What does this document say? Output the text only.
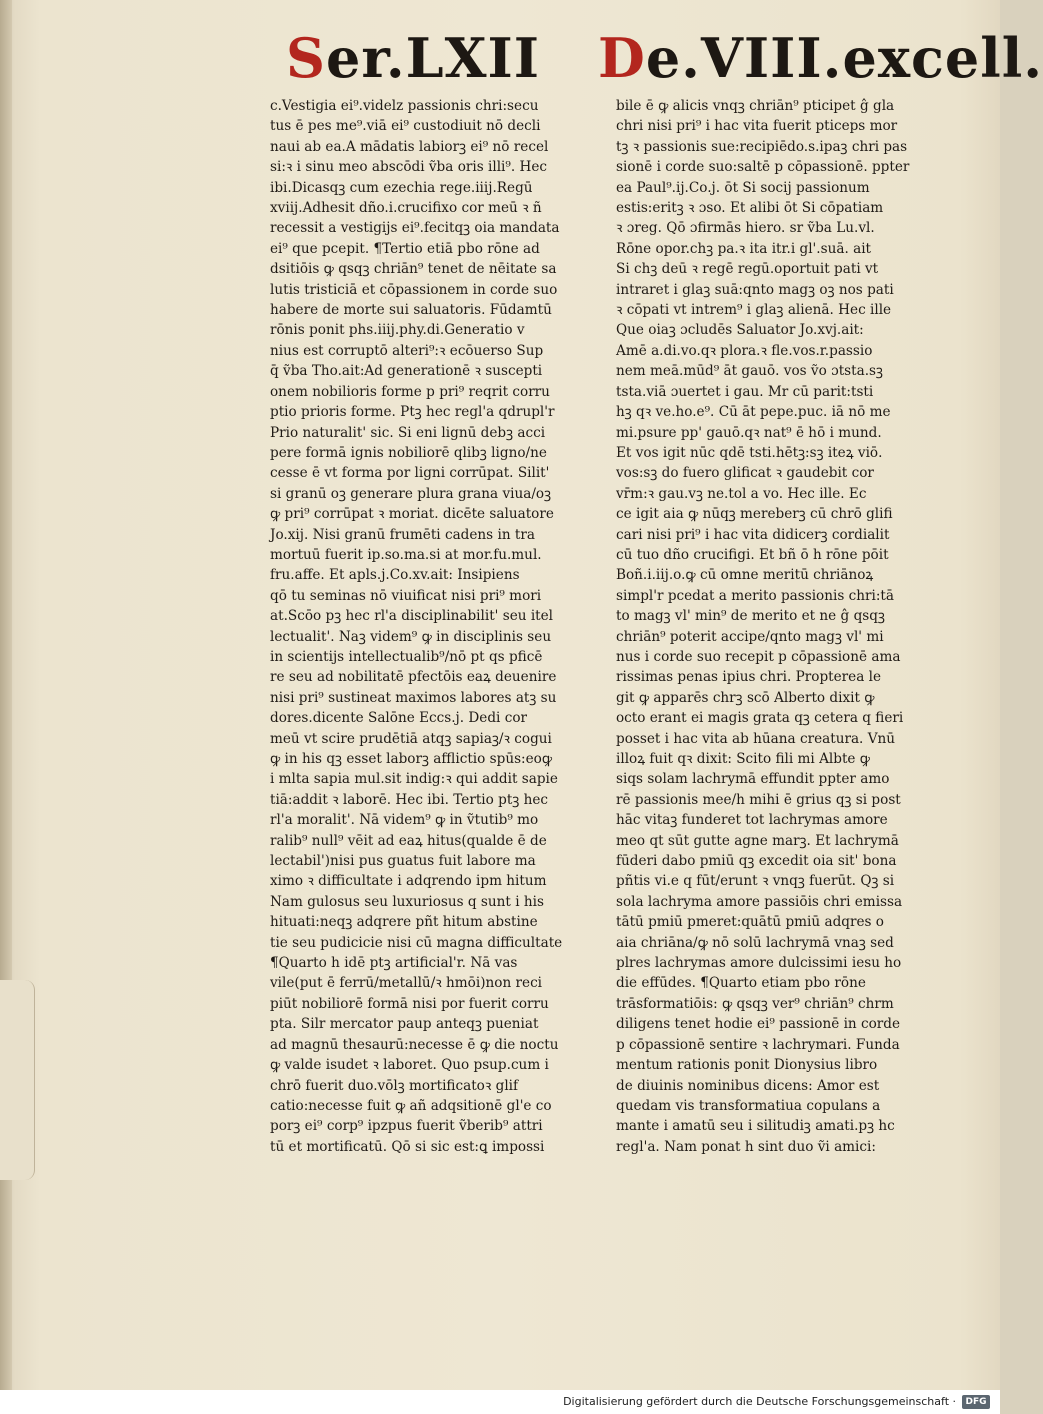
Ser.LXII De.VIII.excell.
c.Vestigia ei⁹.videlz passionis chri:secu
tus ē pes me⁹.viā ei⁹ custodiuit nō decli
naui ab ea.A mādatis labiorꝫ ei⁹ nō recel
si:ꝛ i sinu meo abscōdi ṽba oris illi⁹. Hec
ibi.Dicasqꝫ cum ezechia rege.iiij.Regū
xviij.Adhesit dño.i.crucifixo cor meū ꝛ ñ
recessit a vestigijs ei⁹.fecitqꝫ oia mandata
ei⁹ que pcepit. ¶Tertio etiā pbo rōne ad
dsitiōis ꝙ qsqꝫ chriān⁹ tenet de nēitate sa
lutis tristiciā et cōpassionem in corde suo
habere de morte sui saluatoris. Fūdamtū
rōnis ponit phs.iiij.phy.di.Generatio v
nius est corruptō alteri⁹:ꝛ ecōuerso Sup
q̄ ṽba Tho.ait:Ad generationē ꝛ suscepti
onem nobilioris forme p pri⁹ reqrit corru
ptio prioris forme. Ptꝫ hec regl'a qdrupl'r
Prio naturalit' sic. Si eni lignū debꝫ acci
pere formā ignis nobiliorē qlibꝫ ligno/ne
cesse ē vt forma por ligni corrūpat. Silit'
si granū oꝫ generare plura grana viua/oꝫ
ꝙ pri⁹ corrūpat ꝛ moriat. dicēte saluatore
Jo.xij. Nisi granū frumēti cadens in tra
mortuū fuerit ip.so.ma.si at mor.fu.mul.
fru.affe. Et apls.j.Co.xv.ait: Insipiens
qō tu seminas nō viuificat nisi pri⁹ mori
at.Scōo pꝫ hec rl'a disciplinabilit' seu itel
lectualit'. Naꝫ videm⁹ ꝙ in disciplinis seu
in scientijs intellectualib⁹/nō pt qs pficē
re seu ad nobilitatē pfectōis eaꝝ deuenire
nisi pri⁹ sustineat maximos labores atꝫ su
dores.dicente Salōne Eccs.j. Dedi cor
meū vt scire prudētiā atqꝫ sapiaꝫ/ꝛ cogui
ꝙ in his qꝫ esset laborꝫ afflictio spūs:eoꝙ
i mlta sapia mul.sit indig:ꝛ qui addit sapie
tiā:addit ꝛ laborē. Hec ibi. Tertio ptꝫ hec
rl'a moralit'. Nā videm⁹ ꝙ in ṽtutib⁹ mo
ralib⁹ null⁹ vēit ad eaꝝ hitus(qualde ē de
lectabil')nisi pus guatus fuit labore ma
ximo ꝛ difficultate i adqrendo ipm hitum
Nam gulosus seu luxuriosus q sunt i his
hituati:neqꝫ adqrere pñt hitum abstine
tie seu pudicicie nisi cū magna difficultate
¶Quarto h idē ptꝫ artificial'r. Nā vas
vile(put ē ferrū/metallū/ꝛ hmōi)non reci
piūt nobiliorē formā nisi por fuerit corru
pta. Silr mercator paup anteqꝫ pueniat
ad magnū thesaurū:necesse ē ꝙ die noctu
ꝙ valde isudet ꝛ laboret. Quo psup.cum i
chrō fuerit duo.vōlꝫ mortificatoꝛ glif
catio:necesse fuit ꝙ añ adqsitionē gl'e co
porꝫ ei⁹ corp⁹ ipzpus fuerit ṽberib⁹ attri
tū et mortificatū. Qō si sic est:ꝗ impossi
bile ē ꝙ alicis vnqꝫ chriān⁹ pticipet ĝ gla
chri nisi pri⁹ i hac vita fuerit pticeps mor
tꝫ ꝛ passionis sue:recipiēdo.s.ipaꝫ chri pas
sionē i corde suo:saltē p cōpassionē. ppter
ea Paul⁹.ij.Co.j. ōt Si socij passionum
estis:eritꝫ ꝛ ɔso. Et alibi ōt Si cōpatiam
ꝛ ɔreg. Qō ɔfirmās hiero. sr ṽba Lu.vl.
Rōne opor.chꝫ pa.ꝛ ita itr.i gl'.suā. ait
Si chꝫ deū ꝛ regē regū.oportuit pati vt
intraret i glaꝫ suā:qnto magꝫ oꝫ nos pati
ꝛ cōpati vt intrem⁹ i glaꝫ alienā. Hec ille
Que oiaꝫ ɔcludēs Saluator Jo.xvj.ait:
Amē a.di.vo.qꝛ plora.ꝛ fle.vos.r.passio
nem meā.mūd⁹ āt gauō. vos ṽo ɔtsta.sꝫ
tsta.viā ɔuertet i gau. Mr cū parit:tsti
hꝫ qꝛ ve.ho.e⁹. Cū āt pepe.puc. iā nō me
mi.psure pp' gauō.qꝛ nat⁹ ē hō i mund.
Et vos igit nūc qdē tsti.hētꝫ:sꝫ iteꝝ viō.
vos:sꝫ do fuero glificat ꝛ gaudebit cor
vr̄m:ꝛ gau.vꝫ ne.tol a vo. Hec ille. Ec
ce igit aia ꝙ nūqꝫ mereberꝫ cū chrō glifi
cari nisi pri⁹ i hac vita didicerꝫ cordialit
cū tuo dño crucifigi. Et bñ ō h rōne pōit
Boñ.i.iij.o.ꝙ cū omne meritū chriānoꝝ
simpl'r pcedat a merito passionis chri:tā
to magꝫ vl' min⁹ de merito et ne ĝ qsqꝫ
chriān⁹ poterit accipe/qnto magꝫ vl' mi
nus i corde suo recepit p cōpassionē ama
rissimas penas ipius chri. Propterea le
git ꝙ apparēs chrꝫ scō Alberto dixit ꝙ
octo erant ei magis grata qꝫ cetera q fieri
posset i hac vita ab hūana creatura. Vnū
illoꝝ fuit qꝛ dixit: Scito fili mi Albte ꝙ
siqs solam lachrymā effundit ppter amo
rē passionis mee/h mihi ē grius qꝫ si post
hāc vitaꝫ funderet tot lachrymas amore
meo qt sūt gutte agne marꝫ. Et lachrymā
fūderi dabo pmiū qꝫ excedit oia sit' bona
pñtis vi.e q fūt/erunt ꝛ vnqꝫ fuerūt. Qꝫ si
sola lachryma amore passiōis chri emissa
tātū pmiū pmeret:quātū pmiū adqres o
aia chriāna/ꝙ nō solū lachrymā vnaꝫ sed
plres lachrymas amore dulcissimi iesu ho
die effūdes. ¶Quarto etiam pbo rōne
trāsformatiōis: ꝙ qsqꝫ ver⁹ chriān⁹ chrm
diligens tenet hodie ei⁹ passionē in corde
p cōpassionē sentire ꝛ lachrymari. Funda
mentum rationis ponit Dionysius libro
de diuinis nominibus dicens: Amor est
quedam vis transformatiua copulans a
mante i amatū seu i silitudiꝫ amati.pꝫ hc
regl'a. Nam ponat h sint duo ṽi amici:
Digitalisierung gefördert durch die Deutsche Forschungsgemeinschaft ·	DFG
